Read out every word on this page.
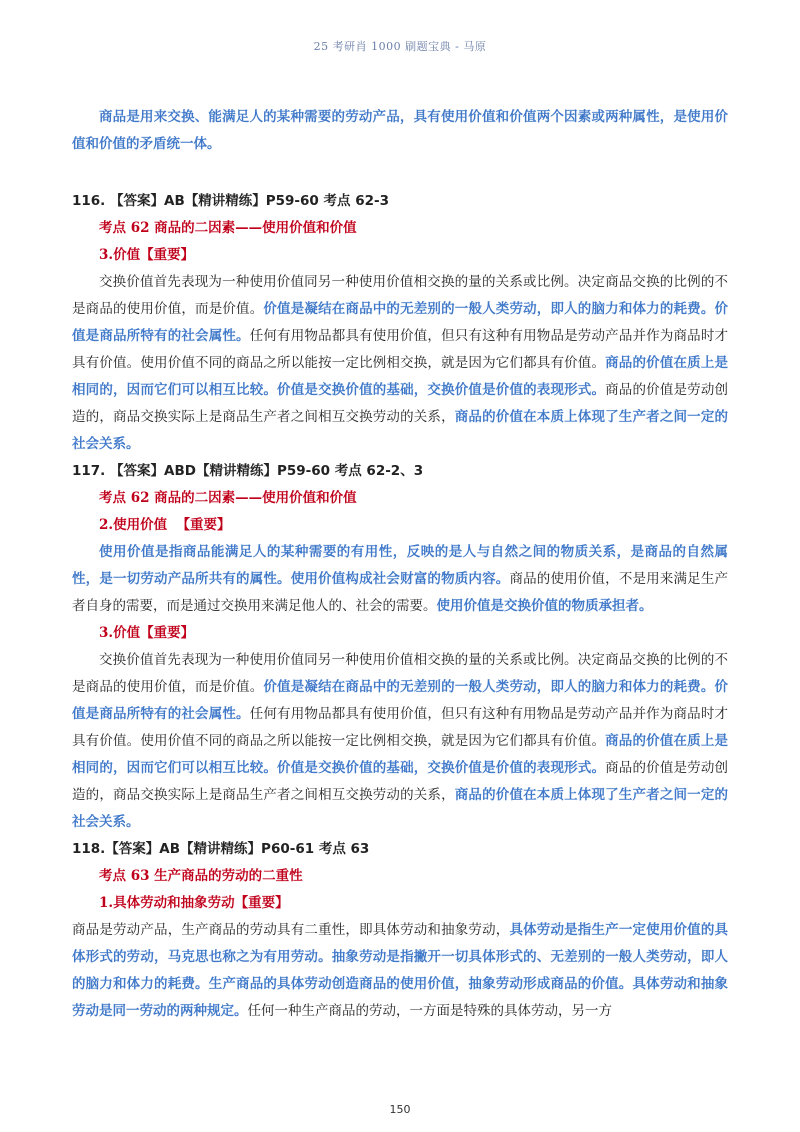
25 考研肖 1000 刷题宝典 - 马原

商品是用来交换、能满足人的某种需要的劳动产品，具有使用价值和价值两个因素或两种属性，是使用价值和价值的矛盾统一体。

116. 【答案】AB【精讲精练】P59-60 考点 62-3

考点 62 商品的二因素——使用价值和价值

3.价值【重要】

交换价值首先表现为一种使用价值同另一种使用价值相交换的量的关系或比例。决定商品交换的比例的不是商品的使用价值，而是价值。价值是凝结在商品中的无差别的一般人类劳动，即人的脑力和体力的耗费。价值是商品所特有的社会属性。任何有用物品都具有使用价值，但只有这种有用物品是劳动产品并作为商品时才具有价值。使用价值不同的商品之所以能按一定比例相交换，就是因为它们都具有价值。商品的价值在质上是相同的，因而它们可以相互比较。价值是交换价值的基础，交换价值是价值的表现形式。商品的价值是劳动创造的，商品交换实际上是商品生产者之间相互交换劳动的关系，商品的价值在本质上体现了生产者之间一定的社会关系。

117. 【答案】ABD【精讲精练】P59-60 考点 62-2、3

考点 62 商品的二因素——使用价值和价值

2.使用价值 【重要】

使用价值是指商品能满足人的某种需要的有用性，反映的是人与自然之间的物质关系，是商品的自然属性，是一切劳动产品所共有的属性。使用价值构成社会财富的物质内容。商品的使用价值，不是用来满足生产者自身的需要，而是通过交换用来满足他人的、社会的需要。使用价值是交换价值的物质承担者。

3.价值【重要】

交换价值首先表现为一种使用价值同另一种使用价值相交换的量的关系或比例。决定商品交换的比例的不是商品的使用价值，而是价值。价值是凝结在商品中的无差别的一般人类劳动，即人的脑力和体力的耗费。价值是商品所特有的社会属性。任何有用物品都具有使用价值，但只有这种有用物品是劳动产品并作为商品时才具有价值。使用价值不同的商品之所以能按一定比例相交换，就是因为它们都具有价值。商品的价值在质上是相同的，因而它们可以相互比较。价值是交换价值的基础，交换价值是价值的表现形式。商品的价值是劳动创造的，商品交换实际上是商品生产者之间相互交换劳动的关系，商品的价值在本质上体现了生产者之间一定的社会关系。

118.【答案】AB【精讲精练】P60-61 考点 63

考点 63 生产商品的劳动的二重性

1.具体劳动和抽象劳动【重要】

商品是劳动产品，生产商品的劳动具有二重性，即具体劳动和抽象劳动，具体劳动是指生产一定使用价值的具体形式的劳动，马克思也称之为有用劳动。抽象劳动是指撇开一切具体形式的、无差别的一般人类劳动，即人的脑力和体力的耗费。生产商品的具体劳动创造商品的使用价值，抽象劳动形成商品的价值。具体劳动和抽象劳动是同一劳动的两种规定。任何一种生产商品的劳动，一方面是特殊的具体劳动，另一方

150
